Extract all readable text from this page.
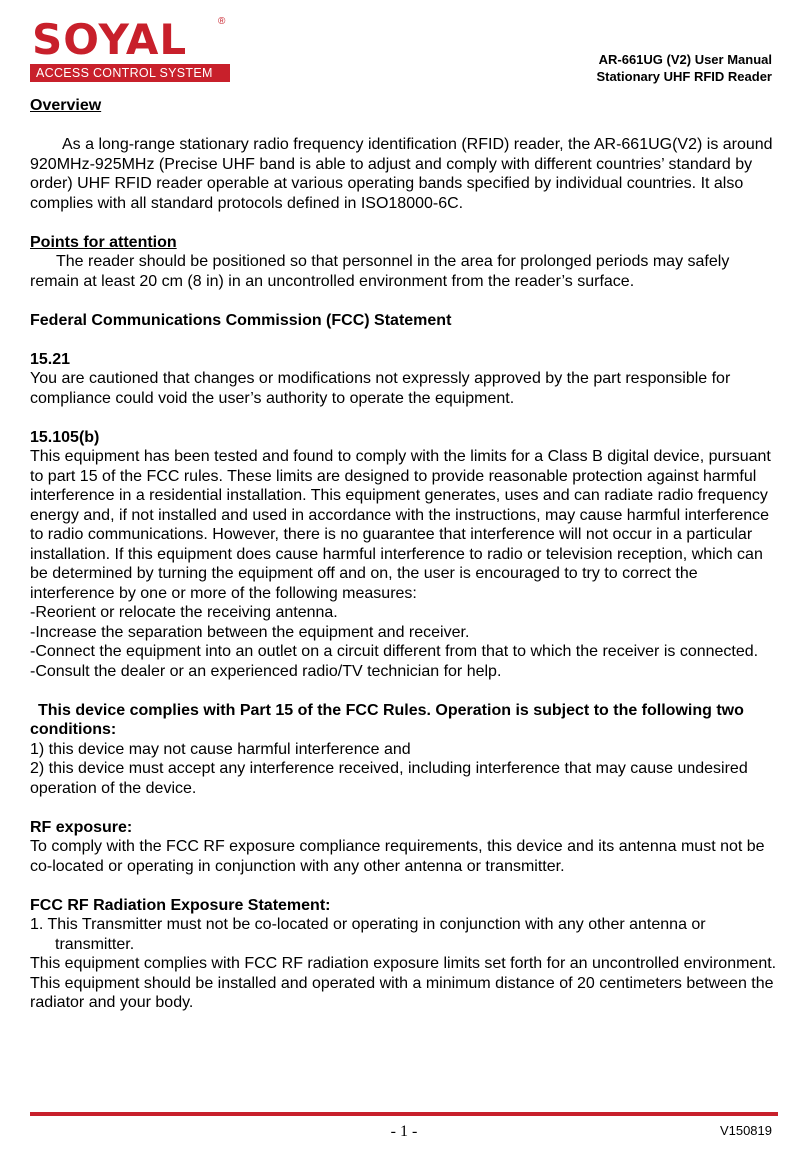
SOYAL	®
ACCESS CONTROL SYSTEM
AR-661UG (V2) User Manual
Stationary UHF RFID Reader

Overview

As a long-range stationary radio frequency identification (RFID) reader, the AR-661UG(V2) is around 920MHz-925MHz (Precise UHF band is able to adjust and comply with different countries’ standard by order) UHF RFID reader operable at various operating bands specified by individual countries. It also complies with all standard protocols defined in ISO18000-6C.

Points for attention

The reader should be positioned so that personnel in the area for prolonged periods may safely remain at least 20 cm (8 in) in an uncontrolled environment from the reader’s surface.

Federal Communications Commission (FCC) Statement

15.21

You are cautioned that changes or modifications not expressly approved by the part responsible for compliance could void the user’s authority to operate the equipment.

15.105(b)

This equipment has been tested and found to comply with the limits for a Class B digital device, pursuant to part 15 of the FCC rules. These limits are designed to provide reasonable protection against harmful interference in a residential installation. This equipment generates, uses and can radiate radio frequency energy and, if not installed and used in accordance with the instructions, may cause harmful interference to radio communications. However, there is no guarantee that interference will not occur in a particular installation. If this equipment does cause harmful interference to radio or television reception, which can be determined by turning the equipment off and on, the user is encouraged to try to correct the interference by one or more of the following measures:

-Reorient or relocate the receiving antenna.

-Increase the separation between the equipment and receiver.

-Connect the equipment into an outlet on a circuit different from that to which the receiver is connected.

-Consult the dealer or an experienced radio/TV technician for help.

This device complies with Part 15 of the FCC Rules. Operation is subject to the following two conditions:

1) this device may not cause harmful interference and

2) this device must accept any interference received, including interference that may cause undesired operation of the device.

RF exposure:

To comply with the FCC RF exposure compliance requirements, this device and its antenna must not be co-located or operating in conjunction with any other antenna or transmitter.

FCC RF Radiation Exposure Statement:

1. This Transmitter must not be co-located or operating in conjunction with any other antenna or transmitter.

This equipment complies with FCC RF radiation exposure limits set forth for an uncontrolled environment. This equipment should be installed and operated with a minimum distance of 20 centimeters between the radiator and your body.

- 1 -	V150819
